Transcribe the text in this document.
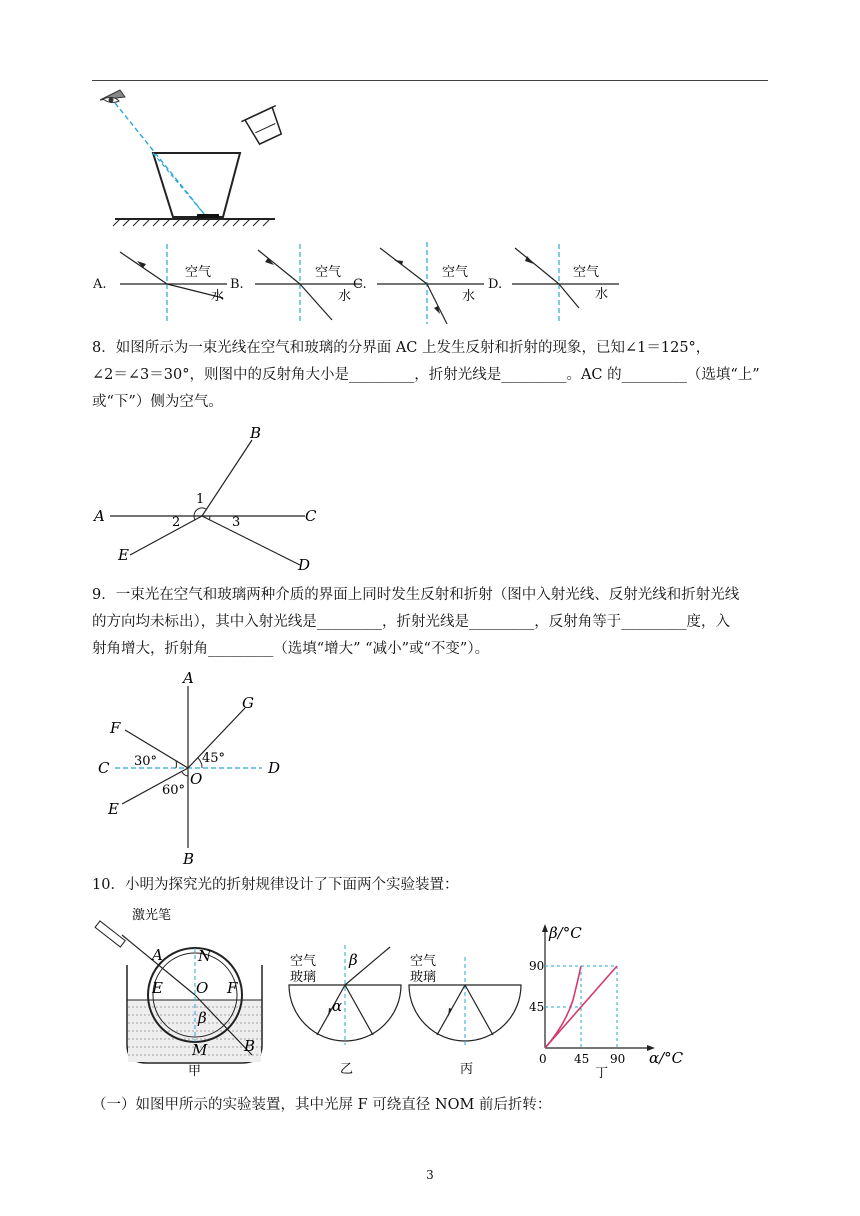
A.
空气
水
B.
空气
水
C.
空气
水
D.
空气
水
8．如图所示为一束光线在空气和玻璃的分界面 AC 上发生反射和折射的现象，已知∠1＝125°，
∠2＝∠3＝30°，则图中的反射角大小是_________，折射光线是_________。AC 的_________（选填“上”
或“下”）侧为空气。
A
B
C
D
E
1
2	3
9．一束光在空气和玻璃两种介质的界面上同时发生反射和折射（图中入射光线、反射光线和折射光线
的方向均未标出），其中入射光线是_________，折射光线是_________，反射角等于_________度，入
射角增大，折射角_________（选填“增大” “减小”或“不变”）。
A
B
C	D
E
F
G
O
30°	45°
60°
10．小明为探究光的折射规律设计了下面两个实验装置：
激光笔
A N
E O F
β
M B
甲
空气
玻璃
β
α
乙
空气
玻璃
丙
β/°C
α/°C
90
45
0 45 90
丁
（一）如图甲所示的实验装置，其中光屏 F 可绕直径 NOM 前后折转：
3
